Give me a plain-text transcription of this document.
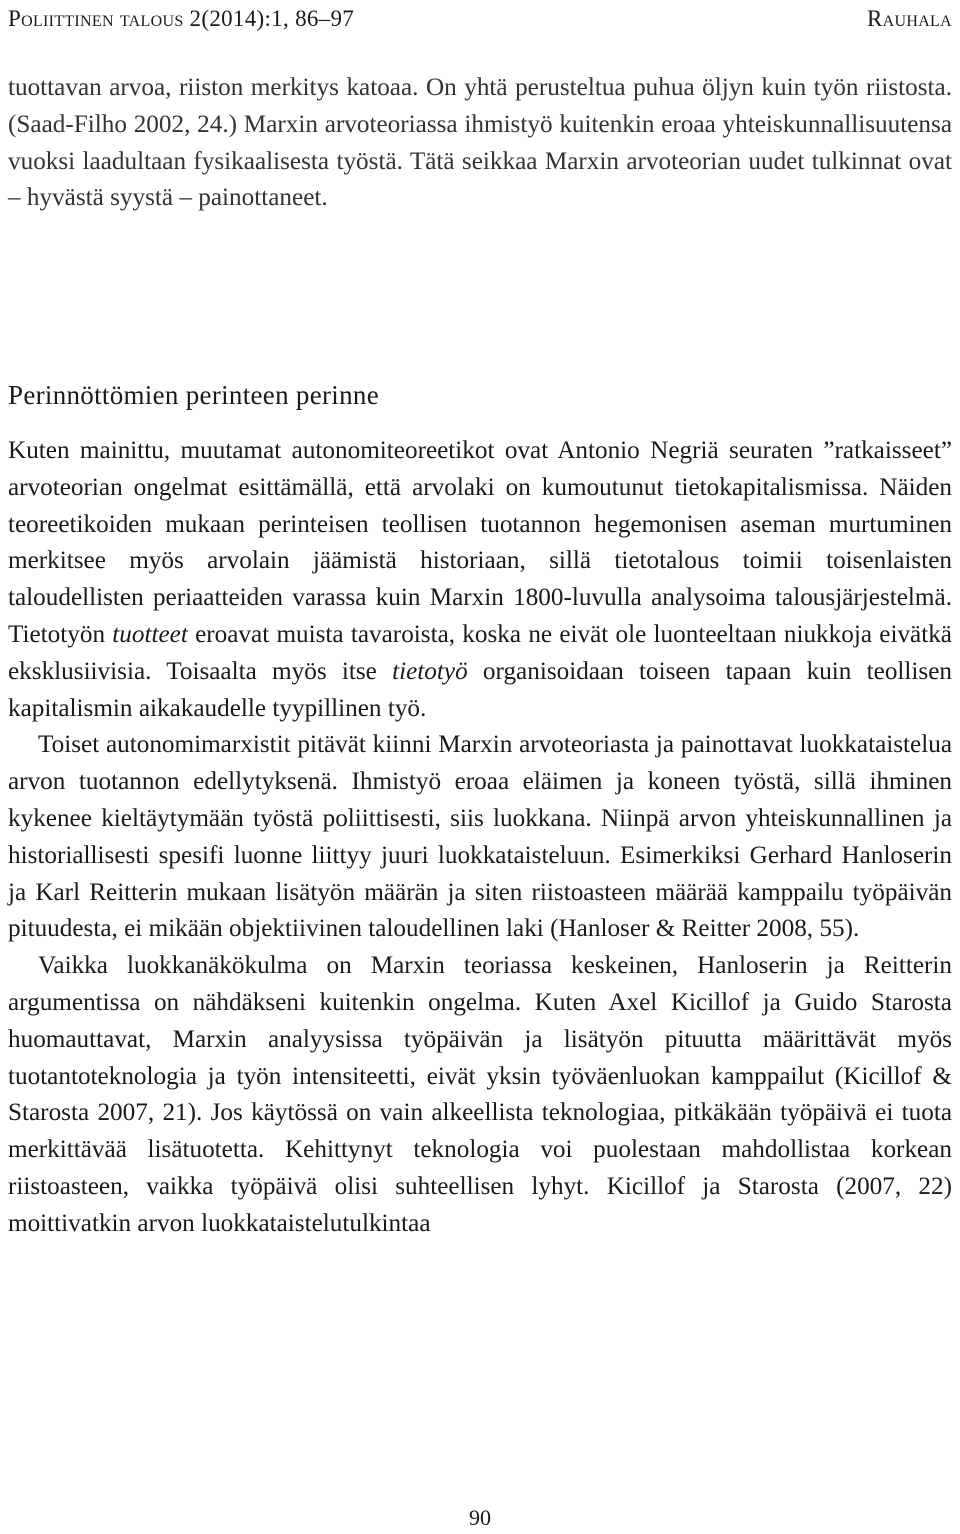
Poliittinen talous 2(2014):1, 86–97	Rauhala

tuottavan arvoa, riiston merkitys katoaa. On yhtä perusteltua puhua öljyn kuin työn riistosta. (Saad-Filho 2002, 24.) Marxin arvoteoriassa ihmistyö kuitenkin eroaa yhteiskunnallisuutensa vuoksi laadultaan fysikaalisesta työstä. Tätä seikkaa Marxin arvoteorian uudet tulkinnat ovat – hyvästä syystä – painottaneet.

Perinnöttömien perinteen perinne

Kuten mainittu, muutamat autonomiteoreetikot ovat Antonio Negriä seuraten ”ratkaisseet” arvoteorian ongelmat esittämällä, että arvolaki on kumoutunut tietokapitalismissa. Näiden teoreetikoiden mukaan perinteisen teollisen tuotannon hegemonisen aseman murtuminen merkitsee myös arvolain jäämistä historiaan, sillä tietotalous toimii toisenlaisten taloudellisten periaatteiden varassa kuin Marxin 1800-luvulla analysoima talousjärjestelmä. Tietotyön tuotteet eroavat muista tavaroista, koska ne eivät ole luonteeltaan niukkoja eivätkä eksklusiivisia. Toisaalta myös itse tietotyö organisoidaan toiseen tapaan kuin teollisen kapitalismin aikakaudelle tyypillinen työ.

Toiset autonomimarxistit pitävät kiinni Marxin arvoteoriasta ja painottavat luokkataistelua arvon tuotannon edellytyksenä. Ihmistyö eroaa eläimen ja koneen työstä, sillä ihminen kykenee kieltäytymään työstä poliittisesti, siis luokkana. Niinpä arvon yhteiskunnallinen ja historiallisesti spesifi luonne liittyy juuri luokkataisteluun. Esimerkiksi Gerhard Hanloserin ja Karl Reitterin mukaan lisätyön määrän ja siten riistoasteen määrää kamppailu työpäivän pituudesta, ei mikään objektiivinen taloudellinen laki (Hanloser & Reitter 2008, 55).

Vaikka luokkanäkökulma on Marxin teoriassa keskeinen, Hanloserin ja Reitterin argumentissa on nähdäkseni kuitenkin ongelma. Kuten Axel Kicillof ja Guido Starosta huomauttavat, Marxin analyysissa työpäivän ja lisätyön pituutta määrittävät myös tuotantoteknologia ja työn intensiteetti, eivät yksin työväenluokan kamppailut (Kicillof & Starosta 2007, 21). Jos käytössä on vain alkeellista teknologiaa, pitkäkään työpäivä ei tuota merkittävää lisätuotetta. Kehittynyt teknologia voi puolestaan mahdollistaa korkean riistoasteen, vaikka työpäivä olisi suhteellisen lyhyt. Kicillof ja Starosta (2007, 22) moittivatkin arvon luokkataistelutulkintaa

90
